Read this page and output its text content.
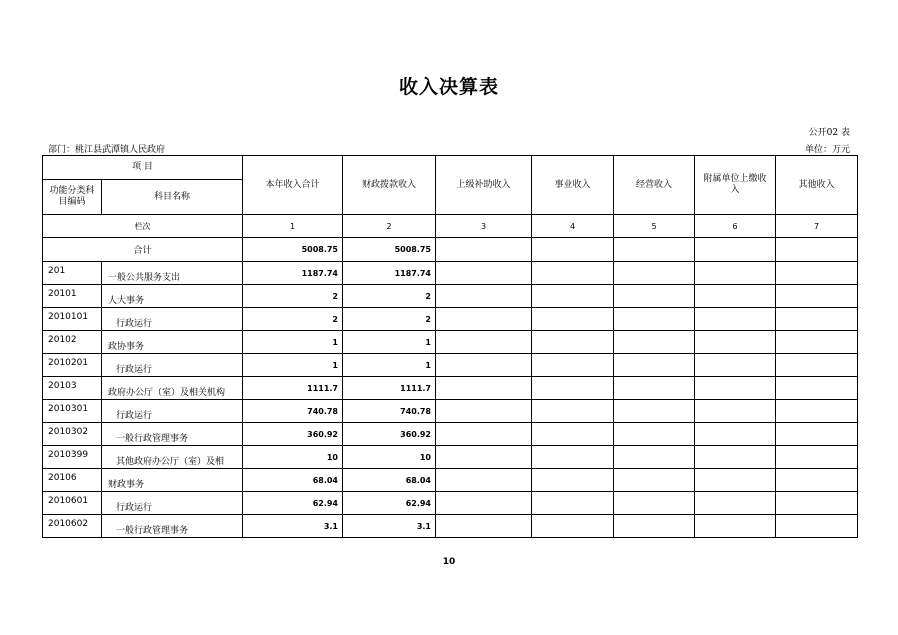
收入决算表
公开02 表
部门：桃江县武潭镇人民政府	单位：万元
项 目		本年收入合计	财政拨款收入	上级补助收入	事业收入	经营收入	附属单位上缴收入	其他收入
功能分类科目编码	科目名称							
栏次		1	2	3	4	5	6	7
合计		5008.75	5008.75					
201	一般公共服务支出	1187.74	1187.74					
20101	人大事务	2	2					
2010101	行政运行	2	2					
20102	政协事务	1	1					
2010201	行政运行	1	1					
20103	政府办公厅（室）及相关机构	1111.7	1111.7					
2010301	行政运行	740.78	740.78					
2010302	一般行政管理事务	360.92	360.92					
2010399	其他政府办公厅（室）及相	10	10					
20106	财政事务	68.04	68.04					
2010601	行政运行	62.94	62.94					
2010602	一般行政管理事务	3.1	3.1					
10
